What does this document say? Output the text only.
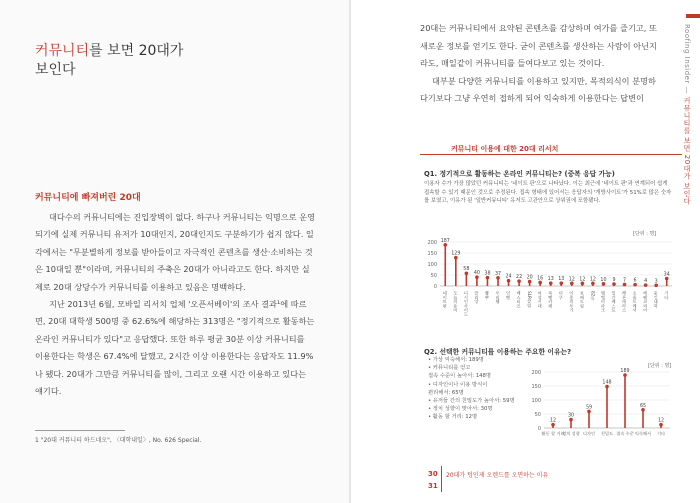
커뮤니티를 보면 20대가
보인다
커뮤니티에 빠져버린 20대

대다수의 커뮤니티에는 진입장벽이 없다. 하구나 커뮤니티는 익명으로 운영되기에 실제 커뮤니티 유저가 10대인지, 20대인지도 구분하기가 쉽지 않다. 일각에서는 "무분별하게 정보를 받아들이고 자극적인 콘텐츠를 생산·소비하는 것은 10대일 뿐"이라며, 커뮤니티의 주축은 20대가 아니라고도 한다. 하지만 실제로 20대 상당수가 커뮤니티를 이용하고 있음은 명백하다.

지난 2013년 6월, 모바일 리서치 업체 '오픈서베이'의 조사 결과¹에 따르면, 20대 대학생 500명 중 62.6%에 해당하는 313명은 "정기적으로 활동하는 온라인 커뮤니티가 있다"고 응답했다. 또한 하루 평균 30분 이상 커뮤니티를 이용한다는 학생은 67.4%에 달했고, 2시간 이상 이용한다는 응답자도 11.9%나 됐다. 20대가 그만큼 커뮤니티를 많이, 그리고 오랜 시간 이용하고 있다는 얘기다.

1 "20대 커뮤니티 하드네오", 〈대학내일〉, No. 626 Special.
Roofing Insider — 커뮤니티를 보면 20대가 보인다

20대는 커뮤니티에서 요약된 콘텐츠를 감상하며 여가를 즐기고, 또 새로운 정보를 얻기도 한다. 굳이 콘텐츠를 생산하는 사람이 아닌지라도, 매일같이 커뮤니티를 들여다보고 있는 것이다.

대부분 다양한 커뮤니티를 이용하고 있지만, 목적의식이 분명하다기보다 그냥 우연히 접하게 되어 익숙하게 이용한다는 답변이

커뮤니티 이용에 대한 20대 리서치
Q1. 정기적으로 활동하는 온라인 커뮤니티는? (중복 응답 가능)
이용자 수가 가장 많았던 커뮤니티는 '네이트 판'으로 나타났다. 이는 최근에 '네이트 판'과 연계되어 쉽게 접속할 수 있기 때문인 것으로 추정된다. 접속 형태에 있어서는 응답자의 '개방사이트'가 51%로 많은 숫자를 보였고, 이유가 된 '일반커뮤니티' 유저도 고관안으로 상위권에 포함됐다.
[단위 : 명]
0
50
100
150
200 187
네이트판
129
오늘의유머
58
디시인사이드
40
클리앙
38
뽐뿌
37
루리웹
24
인벤
22
베스티즈
20
SLR클럽
16
여성시대
13
쭉빵카페
13
더쿠
12
이종격투기
12
보배드림
12
82쿡
10
엠엘비파크
9
일간베스트
7
레몬테라스
6
소울드레서
4
에펨코리아
3
웃긴대학
34
기타
Q2. 선택한 커뮤니티를 이용하는 주요한 이유는?
[단위 : 명]
• 가상 익숙해서: 189명
• 커뮤니티를 얻고
접속 수준이 높아서: 148명
• 디자인이나 이용 방식이
편리해서: 65명
• 유저들 간의 친밀도가 높아서: 59명
• 정치 성향이 맞아서: 30명
• 활동 할 거리: 12명
0
50
100
150
200
12
활동 할 거리
30
정치 성향
59
디자인
148
친밀도
189
접속 수준
65
익숙해서
12
기타
30
31
20대가 텅인제 오렌드를 오면하는 이유
